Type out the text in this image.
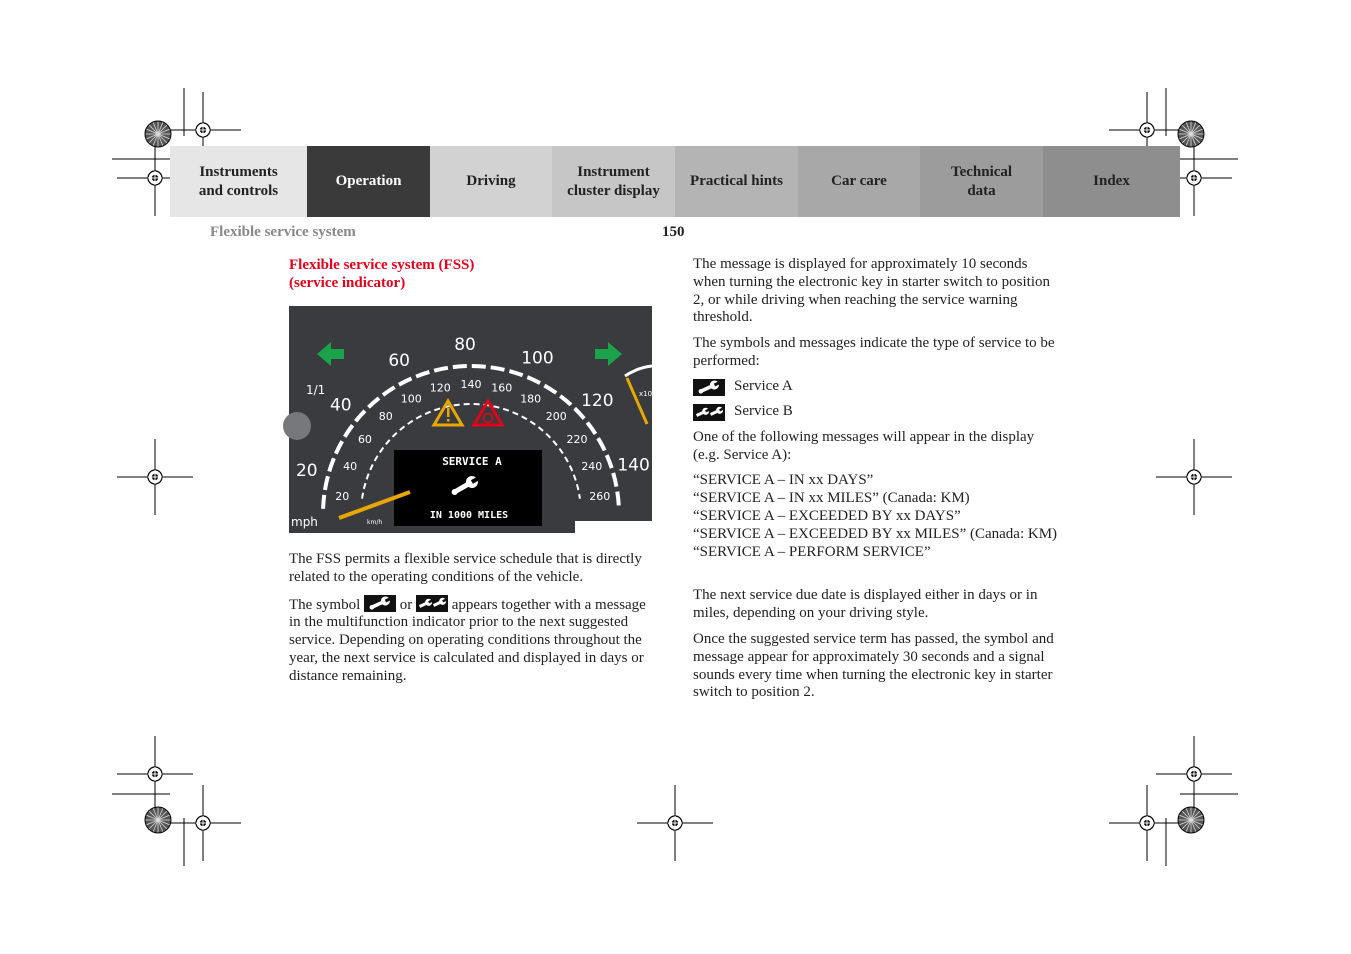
Instruments
and controls
Operation	Driving
Instrument
cluster display
Practical hints	Car care
Technical
data
Index
Flexible service system	150
Flexible service system (FSS)
(service indicator)
0
20
40
60
80
100
120
140
160
20
40
60
80
100
120 140 160
180
200
220
240
260
1/1	x10 1/min
SERVICE A
IN 1000 MILES
mph	km/h

The FSS permits a flexible service schedule that is directly related to the operating conditions of the vehicle.

The symbol	or	appears together with a message in the multifunction indicator prior to the next suggested service. Depending on operating conditions throughout the year, the next service is calculated and displayed in days or distance remaining.

The message is displayed for approximately 10 seconds when turning the electronic key in starter switch to position 2, or while driving when reaching the service warning threshold.

The symbols and messages indicate the type of service to be performed:

Service A
Service B

One of the following messages will appear in the display (e.g. Service A):

“SERVICE A – IN xx DAYS”
“SERVICE A – IN xx MILES” (Canada: KM)
“SERVICE A – EXCEEDED BY xx DAYS”
“SERVICE A – EXCEEDED BY xx MILES” (Canada: KM)
“SERVICE A – PERFORM SERVICE”

The next service due date is displayed either in days or in miles, depending on your driving style.

Once the suggested service term has passed, the symbol and message appear for approximately 30 seconds and a signal sounds every time when turning the electronic key in starter switch to position 2.
